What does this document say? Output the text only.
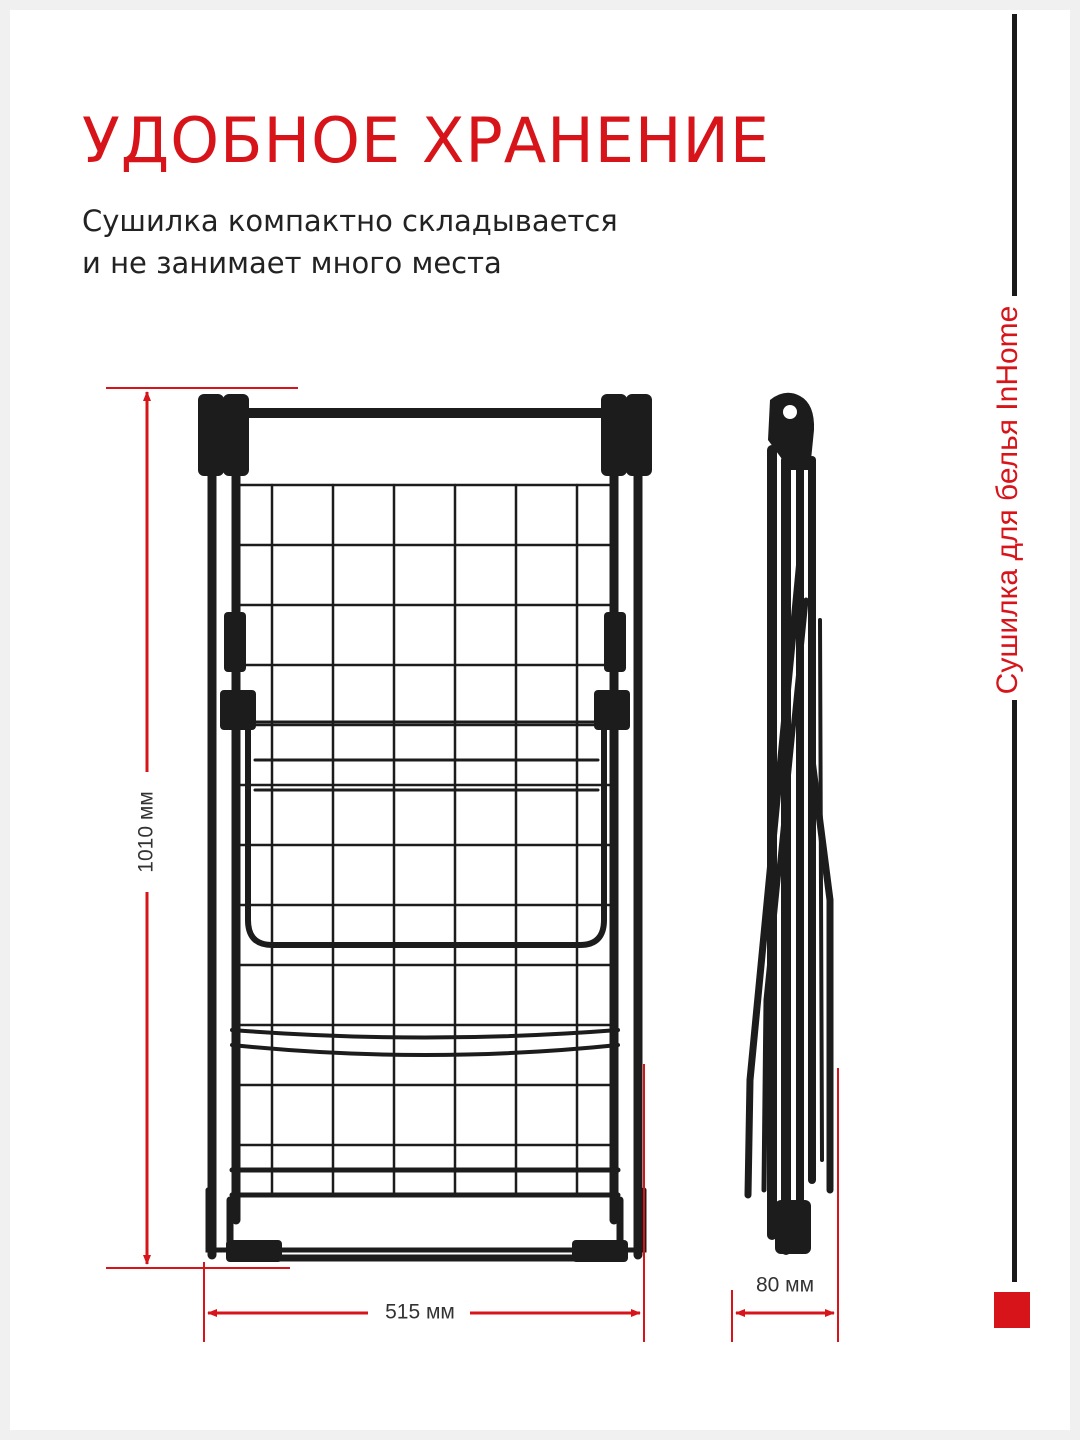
УДОБНОЕ ХРАНЕНИЕ

Сушилка компактно складывается
и не занимает много места

Сушилка для белья InHome
1010 мм
515 мм
80 мм
